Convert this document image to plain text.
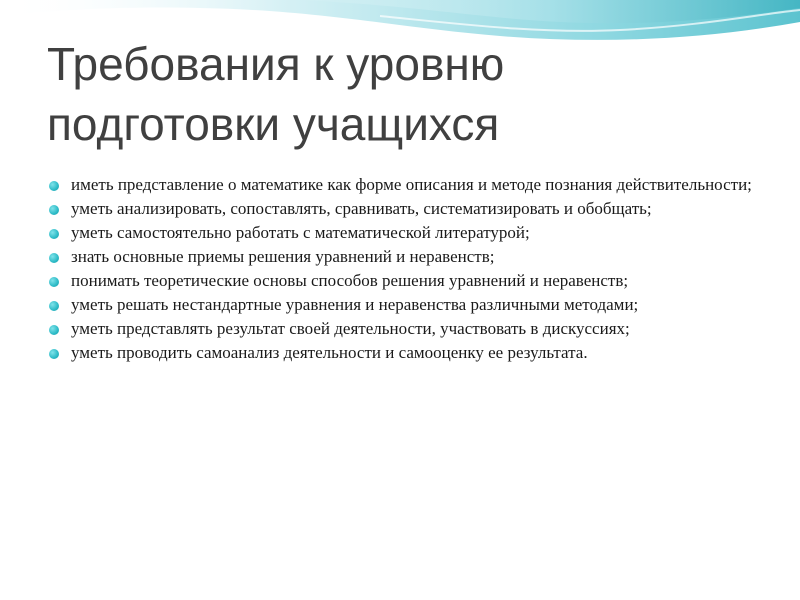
Требования к уровню
подготовки учащихся
иметь представление о математике как форме описания и методе познания действительности;
уметь анализировать, сопоставлять, сравнивать, систематизировать и обобщать;
уметь самостоятельно работать с математической литературой;
знать основные приемы решения уравнений и неравенств;
понимать теоретические основы способов решения уравнений и неравенств;
уметь решать нестандартные уравнения и неравенства различными методами;
уметь представлять результат своей деятельности, участвовать в дискуссиях;
уметь проводить самоанализ деятельности и самооценку ее результата.
